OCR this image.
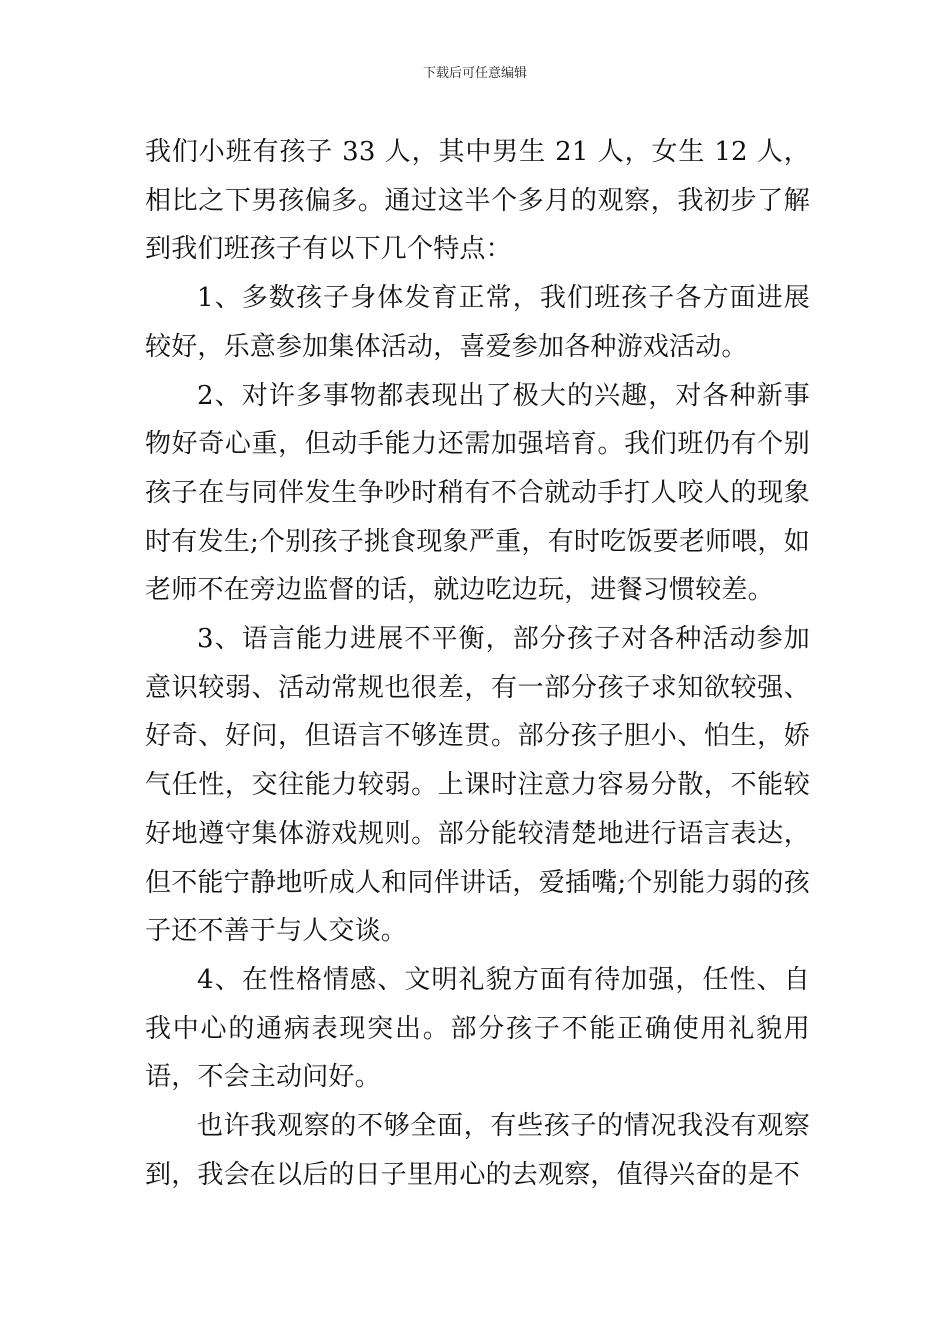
下载后可任意编辑

我们小班有孩子 33 人，其中男生 21 人，女生 12 人，相比之下男孩偏多。通过这半个多月的观察，我初步了解到我们班孩子有以下几个特点：

1、多数孩子身体发育正常，我们班孩子各方面进展较好，乐意参加集体活动，喜爱参加各种游戏活动。

2、对许多事物都表现出了极大的兴趣，对各种新事物好奇心重，但动手能力还需加强培育。我们班仍有个别孩子在与同伴发生争吵时稍有不合就动手打人咬人的现象时有发生;个别孩子挑食现象严重，有时吃饭要老师喂，如老师不在旁边监督的话，就边吃边玩，进餐习惯较差。

3、语言能力进展不平衡，部分孩子对各种活动参加意识较弱、活动常规也很差，有一部分孩子求知欲较强、好奇、好问，但语言不够连贯。部分孩子胆小、怕生，娇气任性，交往能力较弱。上课时注意力容易分散，不能较好地遵守集体游戏规则。部分能较清楚地进行语言表达，但不能宁静地听成人和同伴讲话，爱插嘴;个别能力弱的孩子还不善于与人交谈。

4、在性格情感、文明礼貌方面有待加强，任性、自我中心的通病表现突出。部分孩子不能正确使用礼貌用语，不会主动问好。

也许我观察的不够全面，有些孩子的情况我没有观察到，我会在以后的日子里用心的去观察，值得兴奋的是不
